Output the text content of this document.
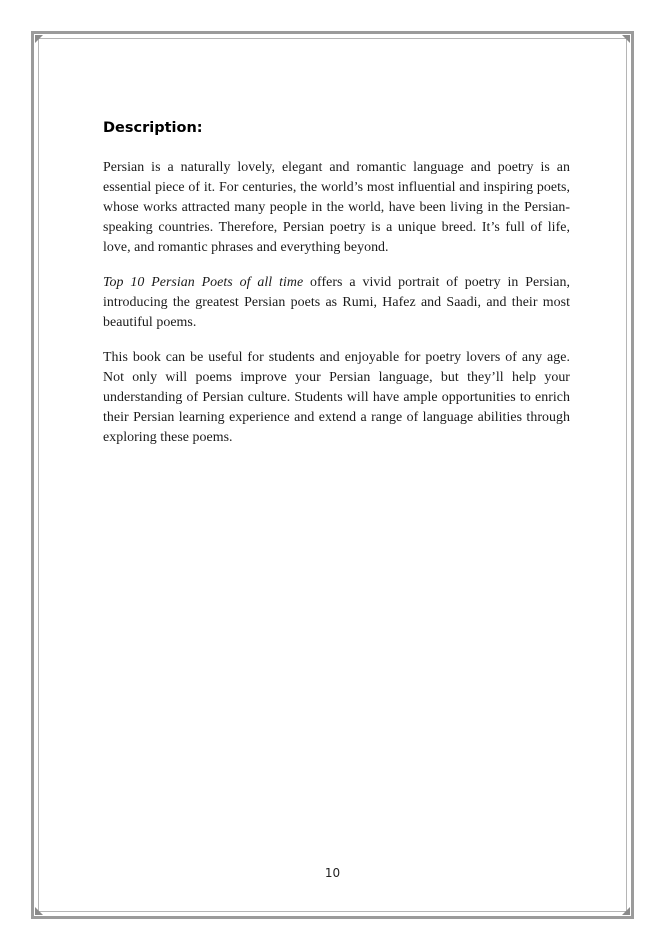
Description:

Persian is a naturally lovely, elegant and romantic language and poetry is an essential piece of it. For centuries, the world’s most influential and inspiring poets, whose works attracted many people in the world, have been living in the Persian-speaking countries. Therefore, Persian poetry is a unique breed. It’s full of life, love, and romantic phrases and everything beyond.

Top 10 Persian Poets of all time offers a vivid portrait of poetry in Persian, introducing the greatest Persian poets as Rumi, Hafez and Saadi, and their most beautiful poems.

This book can be useful for students and enjoyable for poetry lovers of any age. Not only will poems improve your Persian language, but they’ll help your understanding of Persian culture. Students will have ample opportunities to enrich their Persian learning experience and extend a range of language abilities through exploring these poems.

10
